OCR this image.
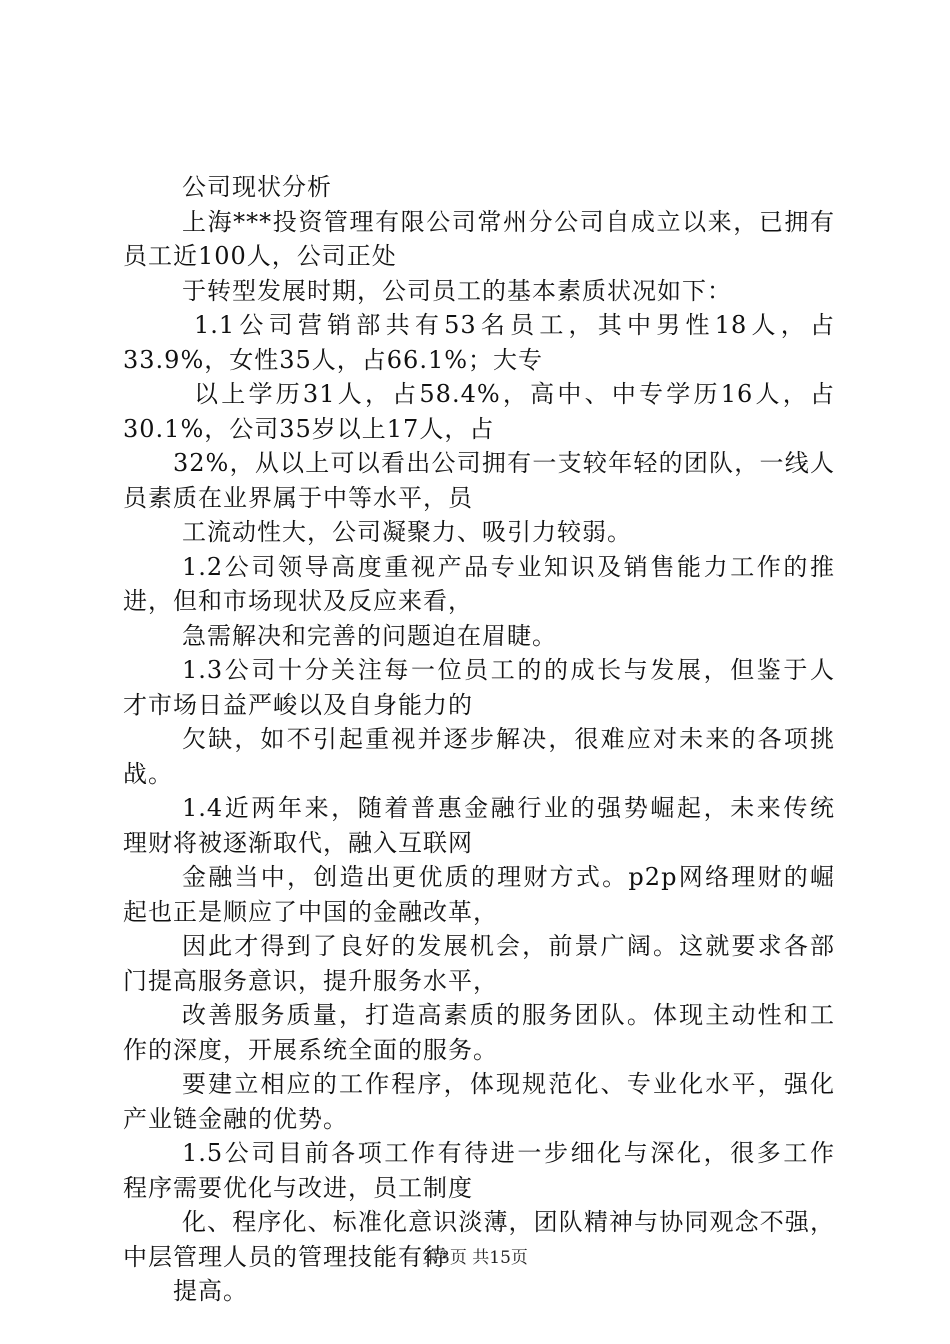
公司现状分析
上海***投资管理有限公司常州分公司自成立以来，已拥有
员工近100人，公司正处
于转型发展时期，公司员工的基本素质状况如下：
1.1公司营销部共有53名员工，其中男性18人，占
33.9%，女性35人，占66.1%；大专
以上学历31人，占58.4%，高中、中专学历16人，占
30.1%，公司35岁以上17人，占
32%，从以上可以看出公司拥有一支较年轻的团队，一线人
员素质在业界属于中等水平，员
工流动性大，公司凝聚力、吸引力较弱。
1.2公司领导高度重视产品专业知识及销售能力工作的推
进，但和市场现状及反应来看，
急需解决和完善的问题迫在眉睫。
1.3公司十分关注每一位员工的的成长与发展，但鉴于人
才市场日益严峻以及自身能力的
欠缺，如不引起重视并逐步解决，很难应对未来的各项挑
战。
1.4近两年来，随着普惠金融行业的强势崛起，未来传统
理财将被逐渐取代，融入互联网
金融当中，创造出更优质的理财方式。p2p网络理财的崛
起也正是顺应了中国的金融改革，
因此才得到了良好的发展机会，前景广阔。这就要求各部
门提高服务意识，提升服务水平，
改善服务质量，打造高素质的服务团队。体现主动性和工
作的深度，开展系统全面的服务。
要建立相应的工作程序，体现规范化、专业化水平，强化
产业链金融的优势。
1.5公司目前各项工作有待进一步细化与深化，很多工作
程序需要优化与改进，员工制度
化、程序化、标准化意识淡薄，团队精神与协同观念不强，
中层管理人员的管理技能有待
提高。
第3页 共15页
